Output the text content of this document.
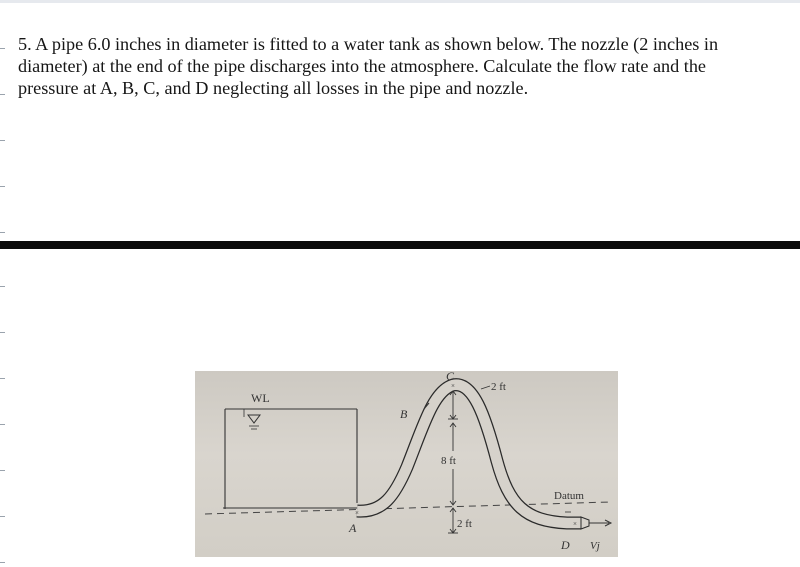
5. A pipe 6.0 inches in diameter is fitted to a water tank as shown below. The nozzle (2 inches in
diameter) at the end of the pipe discharges into the atmosphere. Calculate the flow rate and the
pressure at A, B, C, and D neglecting all losses in the pipe and nozzle.
×
×
×
WL
A
B
C
D
2 ft
8 ft
2 ft
Datum
Vj
